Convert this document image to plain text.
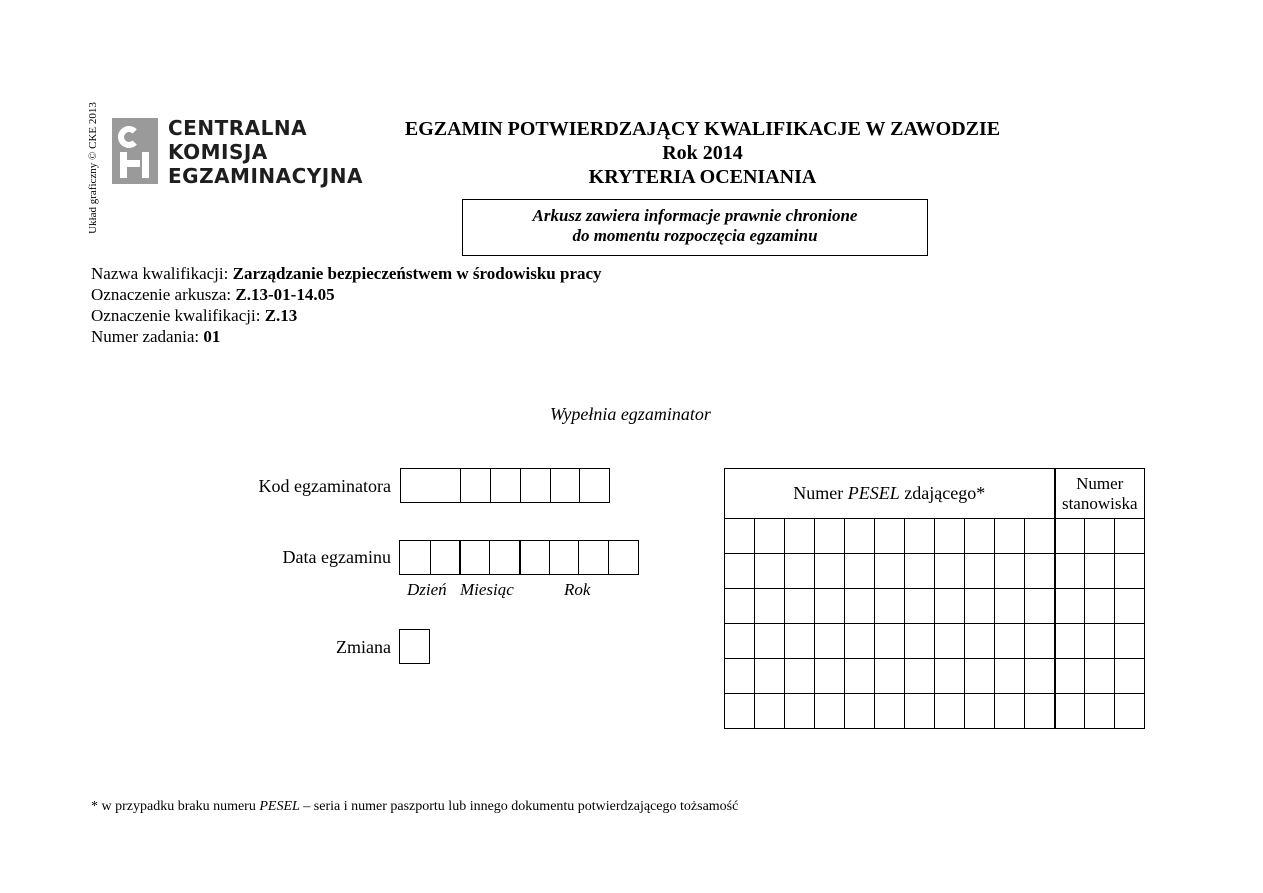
Układ graficzny © CKE 2013	CENTRALNA
KOMISJA
EGZAMINACYJNA
EGZAMIN POTWIERDZAJĄCY KWALIFIKACJE W ZAWODZIE
Rok 2014
KRYTERIA OCENIANIA
Arkusz zawiera informacje prawnie chronione
do momentu rozpoczęcia egzaminu
Nazwa kwalifikacji: Zarządzanie bezpieczeństwem w środowisku pracy
Oznaczenie arkusza: Z.13-01-14.05
Oznaczenie kwalifikacji: Z.13
Numer zadania: 01
Wypełnia egzaminator
Kod egzaminatora
Data egzaminu
Dzień Miesiąc	Rok
Zmiana
Numer PESEL zdającego*											Numer
stanowiska		

* w przypadku braku numeru PESEL – seria i numer paszportu lub innego dokumentu potwierdzającego tożsamość
